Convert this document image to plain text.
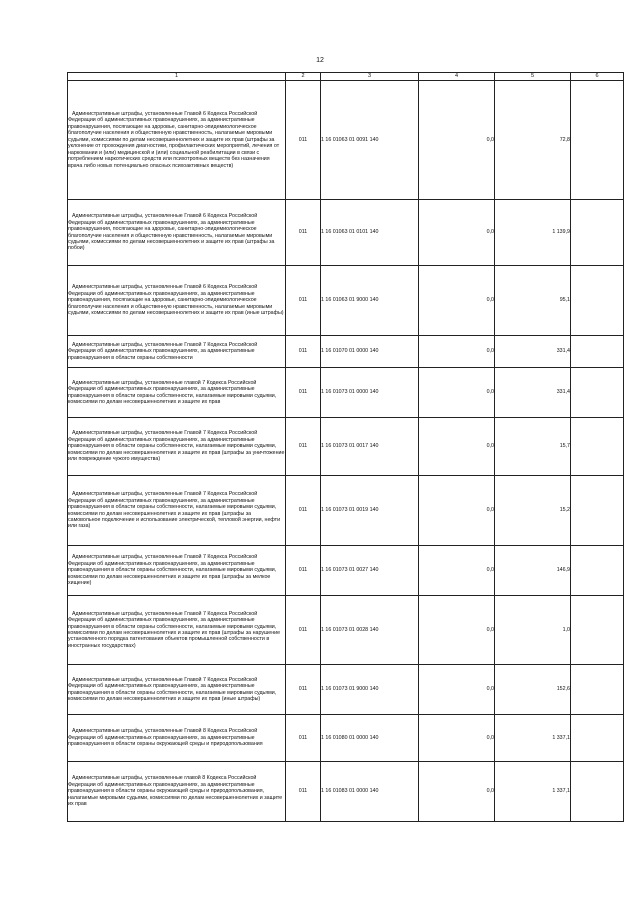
12
1	2	3	4	5	6

Административные штрафы, установленные Главой 6 Кодекса Российской Федерации об административных правонарушениях, за административные правонарушения, посягающие на здоровье, санитарно-эпидемиологическое благополучие населения и общественную нравственность, налагаемые мировыми судьями, комиссиями по делам несовершеннолетних и защите их прав (штрафы за уклонение от прохождения диагностики, профилактических мероприятий, лечения от наркомании и (или) медицинской и (или) социальной реабилитации в связи с потреблением наркотических средств или психотропных веществ без назначения врача либо новых потенциально опасных психоактивных веществ)	011	1 16 01063 01 0091 140	0,0	72,8	

Административные штрафы, установленные Главой 6 Кодекса Российской Федерации об административных правонарушениях, за административные правонарушения, посягающие на здоровье, санитарно-эпидемиологическое благополучие населения и общественную нравственность, налагаемые мировыми судьями, комиссиями по делам несовершеннолетних и защите их прав (штрафы за побои)	011	1 16 01063 01 0101 140	0,0	1 139,9	

Административные штрафы, установленные Главой 6 Кодекса Российской Федерации об административных правонарушениях, за административные правонарушения, посягающие на здоровье, санитарно-эпидемиологическое благополучие населения и общественную нравственность, налагаемые мировыми судьями, комиссиями по делам несовершеннолетних и защите их прав (иные штрафы)	011	1 16 01063 01 9000 140	0,0	95,1	

Административные штрафы, установленные Главой 7 Кодекса Российской Федерации об административных правонарушениях, за административные правонарушения в области охраны собственности	011	1 16 01070 01 0000 140	0,0	331,4	

Административные штрафы, установленные главой 7 Кодекса Российской Федерации об административных правонарушениях, за административные правонарушения в области охраны собственности, налагаемые мировыми судьями, комиссиями по делам несовершеннолетних и защите их прав	011	1 16 01073 01 0000 140	0,0	331,4	

Административные штрафы, установленные Главой 7 Кодекса Российской Федерации об административных правонарушениях, за административные правонарушения в области охраны собственности, налагаемые мировыми судьями, комиссиями по делам несовершеннолетних и защите их прав (штрафы за уничтожение или повреждение чужого имущества)	011	1 16 01073 01 0017 140	0,0	15,7	

Административные штрафы, установленные Главой 7 Кодекса Российской Федерации об административных правонарушениях, за административные правонарушения в области охраны собственности, налагаемые мировыми судьями, комиссиями по делам несовершеннолетних и защите их прав (штрафы за самовольное подключение и использование электрической, тепловой энергии, нефти или газа)	011	1 16 01073 01 0019 140	0,0	15,2	

Административные штрафы, установленные Главой 7 Кодекса Российской Федерации об административных правонарушениях, за административные правонарушения в области охраны собственности, налагаемые мировыми судьями, комиссиями по делам несовершеннолетних и защите их прав (штрафы за мелкое хищение)	011	1 16 01073 01 0027 140	0,0	146,9	

Административные штрафы, установленные Главой 7 Кодекса Российской Федерации об административных правонарушениях, за административные правонарушения в области охраны собственности, налагаемые мировыми судьями, комиссиями по делам несовершеннолетних и защите их прав (штрафы за нарушение установленного порядка патентования объектов промышленной собственности в иностранных государствах)	011	1 16 01073 01 0028 140	0,0	1,0	

Административные штрафы, установленные Главой 7 Кодекса Российской Федерации об административных правонарушениях, за административные правонарушения в области охраны собственности, налагаемые мировыми судьями, комиссиями по делам несовершеннолетних и защите их прав (иные штрафы)	011	1 16 01073 01 9000 140	0,0	152,6	

Административные штрафы, установленные Главой 8 Кодекса Российской Федерации об административных правонарушениях, за административные правонарушения в области охраны окружающей среды и природопользования	011	1 16 01080 01 0000 140	0,0	1 337,1	

Административные штрафы, установленные главой 8 Кодекса Российской Федерации об административных правонарушениях, за административные правонарушения в области охраны окружающей среды и природопользования, налагаемые мировыми судьями, комиссиями по делам несовершеннолетних и защите их прав	011	1 16 01083 01 0000 140	0,0	1 337,1	
